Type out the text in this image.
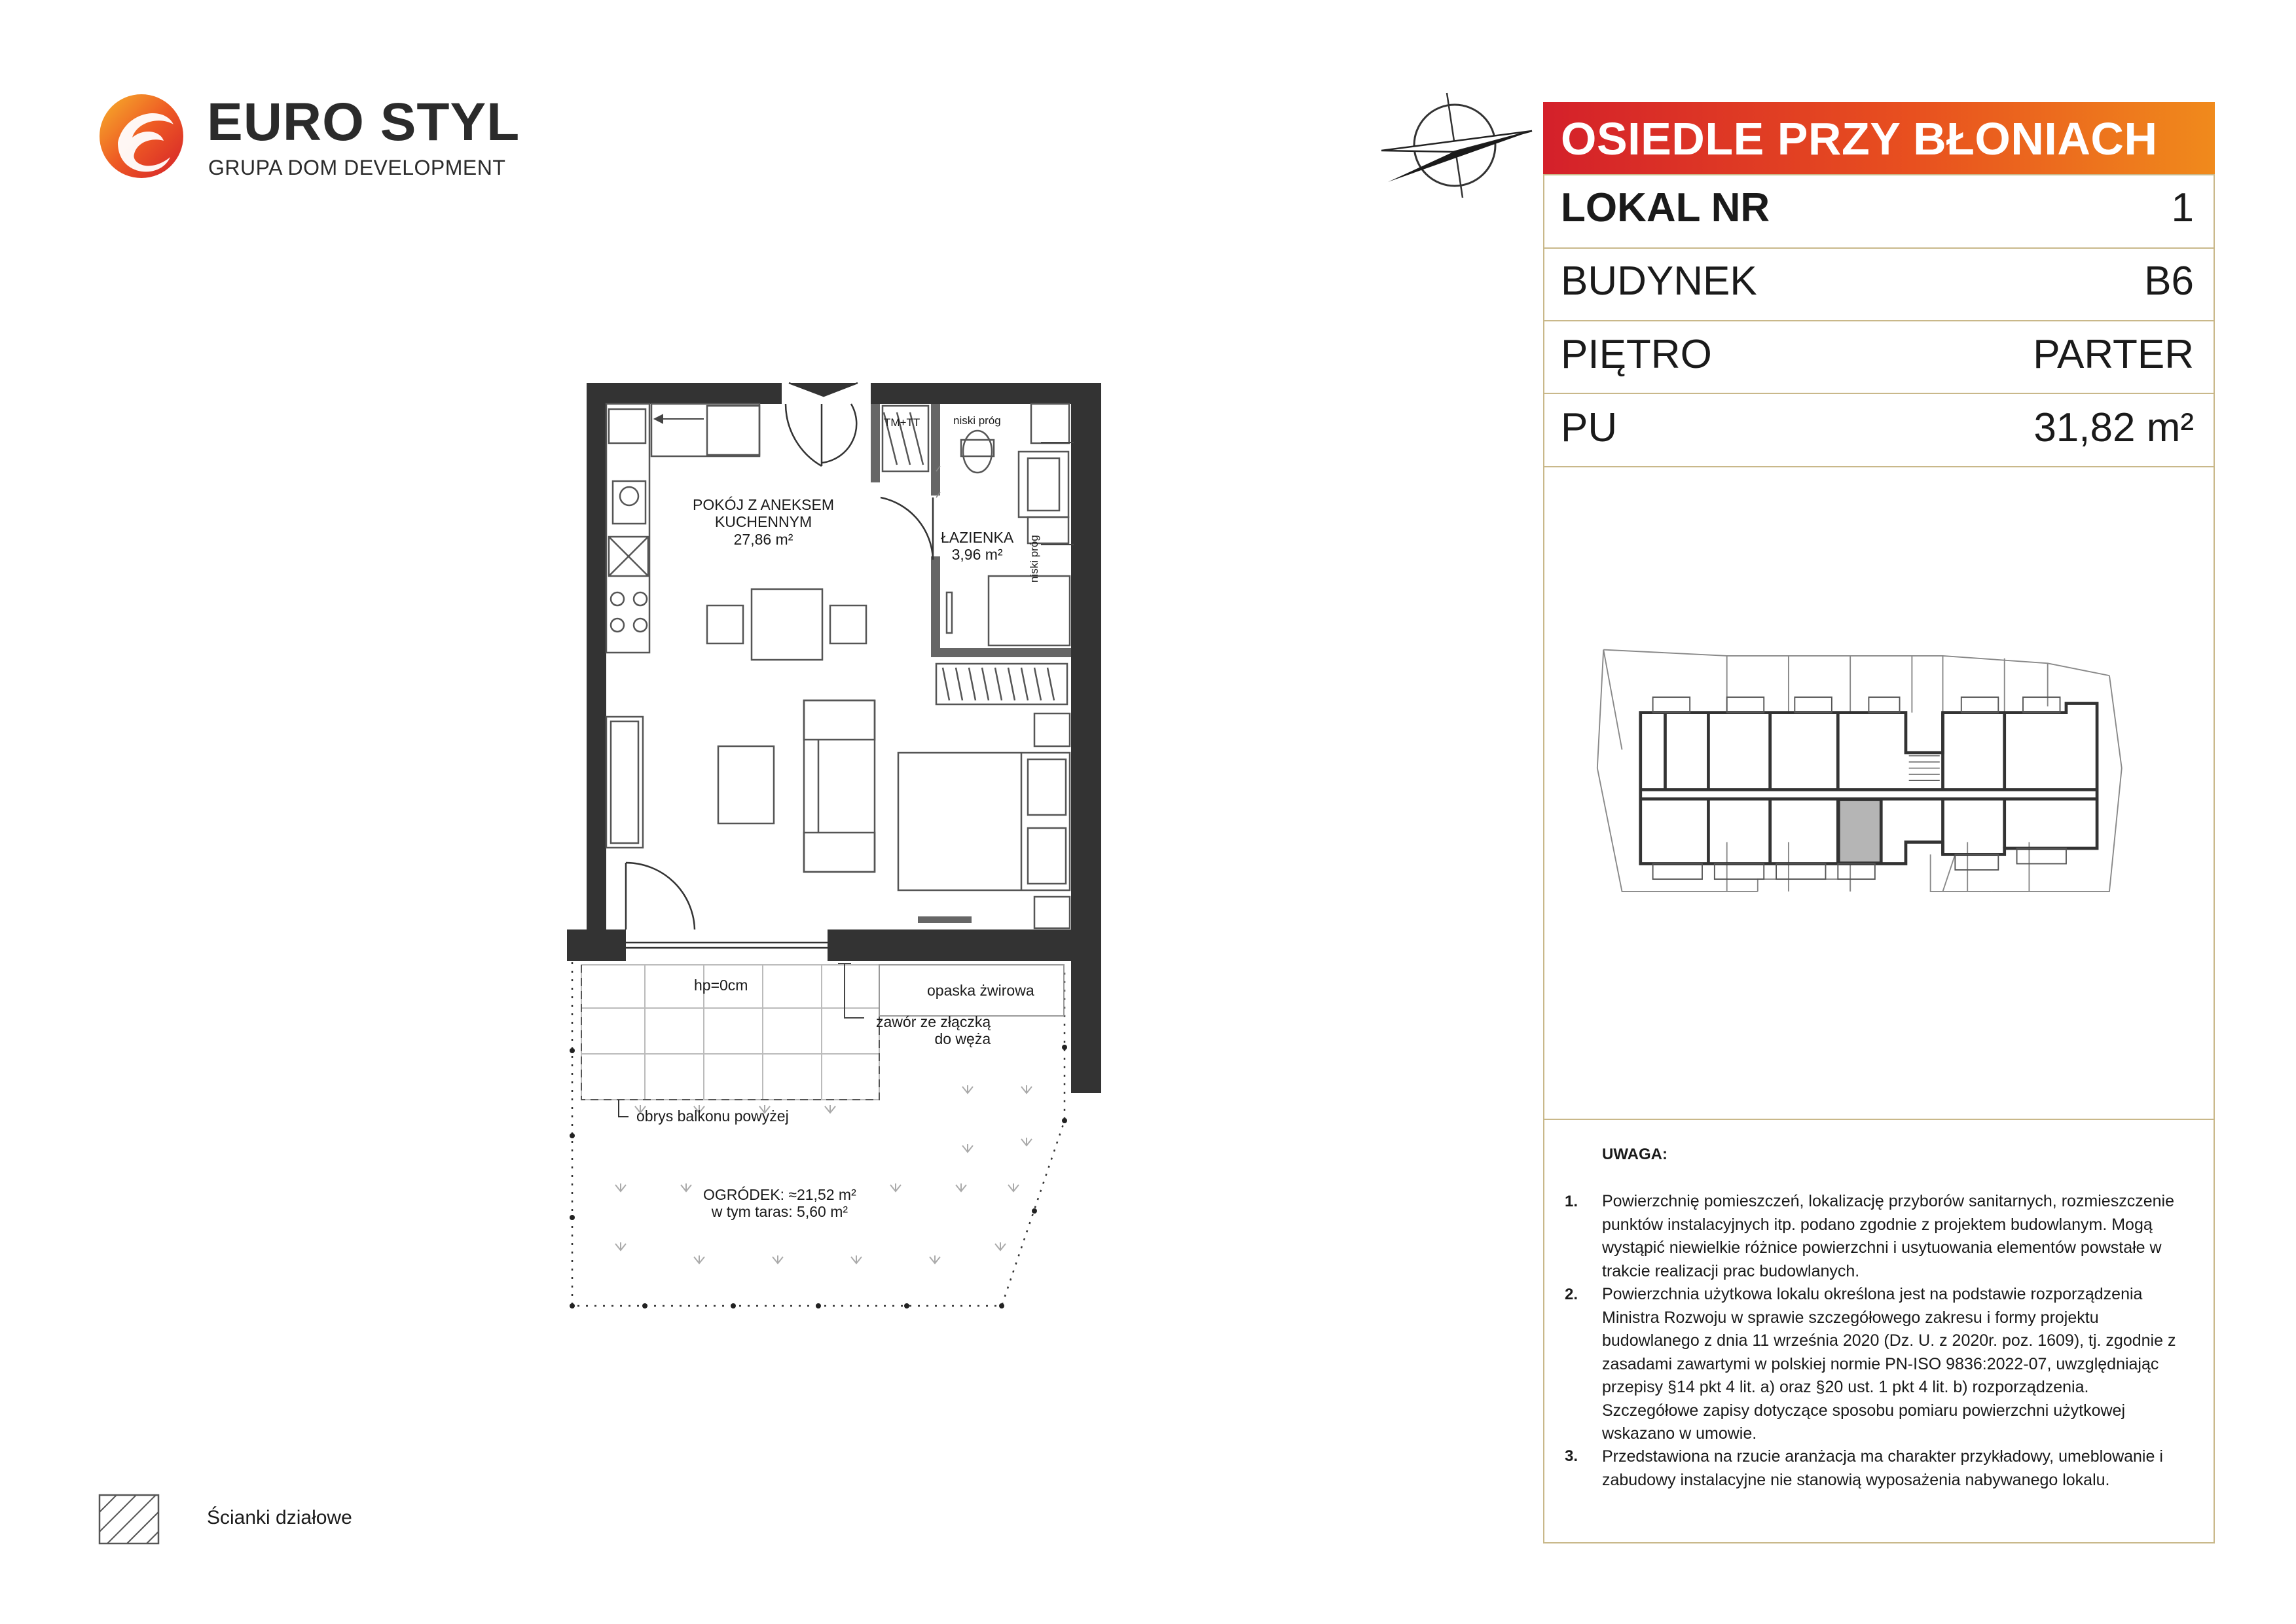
EURO STYL
GRUPA DOM DEVELOPMENT
OSIEDLE PRZY BŁONIACH
LOKAL NR	1
BUDYNEK	B6
PIĘTRO	PARTER
PU	31,82 m²
UWAGA:
1. Powierzchnię pomieszczeń, lokalizację przyborów sanitarnych, rozmieszczenie punktów instalacyjnych itp. podano zgodnie z projektem budowlanym. Mogą wystąpić niewielkie różnice powierzchni i usytuowania elementów powstałe w trakcie realizacji prac budowlanych.
2. Powierzchnia użytkowa lokalu określona jest na podstawie rozporządzenia Ministra Rozwoju w sprawie szczegółowego zakresu i formy projektu budowlanego z dnia 11 września 2020 (Dz. U. z 2020r. poz. 1609), tj. zgodnie z zasadami zawartymi w polskiej normie PN-ISO 9836:2022-07, uwzględniając przepisy §14 pkt 4 lit. a) oraz §20 ust. 1 pkt 4 lit. b) rozporządzenia. Szczegółowe zapisy dotyczące sposobu pomiaru powierzchni użytkowej wskazano w umowie.
3. Przedstawiona na rzucie aranżacja ma charakter przykładowy, umeblowanie i zabudowy instalacyjne nie stanowią wyposażenia nabywanego lokalu.
POKÓJ Z ANEKSEM
KUCHENNYM
27,86 m²	ŁAZIENKA
3,96 m²
TM+TT	niski próg
niski próg
hp=0cm	opaska żwirowa
zawór ze złączką
do węża
obrys balkonu powyżej
OGRÓDEK: ≈21,52 m²
w tym taras: 5,60 m²
Ścianki działowe
